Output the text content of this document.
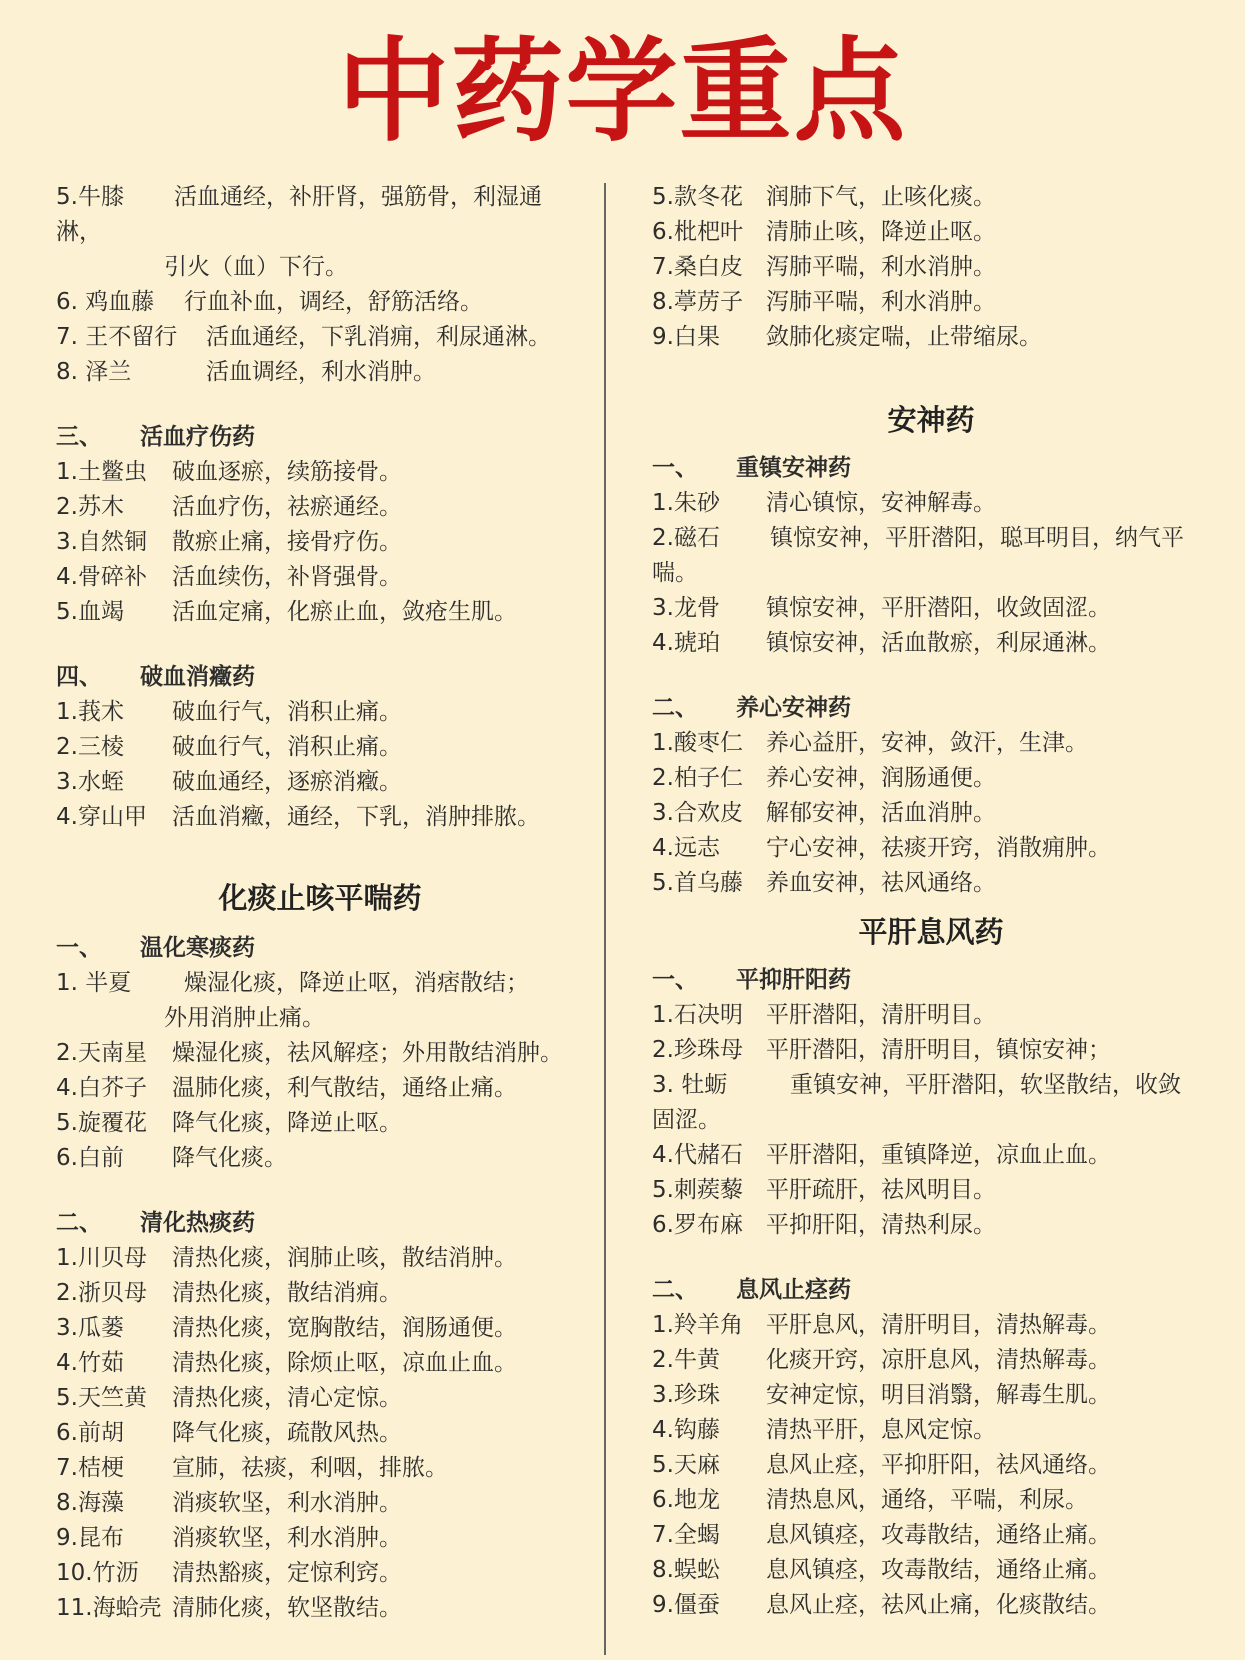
中药学重点
5.牛膝 活血通经，补肝肾，强筋骨，利湿通
淋，
引火（血）下行。
6. 鸡血藤 行血补血，调经，舒筋活络。
7. 王不留行 活血通经，下乳消痈，利尿通淋。
8. 泽兰	活血调经，利水消肿。
三、 活血疗伤药
1.土鳖虫 破血逐瘀，续筋接骨。
2.苏木 活血疗伤，祛瘀通经。
3.自然铜 散瘀止痛，接骨疗伤。
4.骨碎补 活血续伤，补肾强骨。
5.血竭 活血定痛，化瘀止血，敛疮生肌。
四、 破血消癥药
1.莪术 破血行气，消积止痛。
2.三棱 破血行气，消积止痛。
3.水蛭 破血通经，逐瘀消癥。
4.穿山甲 活血消癥，通经，下乳，消肿排脓。
化痰止咳平喘药
一、 温化寒痰药
1. 半夏 燥湿化痰，降逆止呕，消痞散结；
外用消肿止痛。
2.天南星 燥湿化痰，祛风解痉；外用散结消肿。
4.白芥子 温肺化痰，利气散结，通络止痛。
5.旋覆花 降气化痰，降逆止呕。
6.白前 降气化痰。
二、 清化热痰药
1.川贝母 清热化痰，润肺止咳，散结消肿。
2.浙贝母 清热化痰，散结消痈。
3.瓜蒌 清热化痰，宽胸散结，润肠通便。
4.竹茹 清热化痰，除烦止呕，凉血止血。
5.天竺黄 清热化痰，清心定惊。
6.前胡 降气化痰，疏散风热。
7.桔梗 宣肺，祛痰，利咽，排脓。
8.海藻 消痰软坚，利水消肿。
9.昆布 消痰软坚，利水消肿。
10.竹沥 清热豁痰，定惊利窍。
11.海蛤壳 清肺化痰，软坚散结。
5.款冬花 润肺下气，止咳化痰。
6.枇杷叶 清肺止咳，降逆止呕。
7.桑白皮 泻肺平喘，利水消肿。
8.葶苈子 泻肺平喘，利水消肿。
9.白果 敛肺化痰定喘，止带缩尿。
安神药
一、 重镇安神药
1.朱砂 清心镇惊，安神解毒。
2.磁石 镇惊安神，平肝潜阳，聪耳明目，纳气平
喘。
3.龙骨 镇惊安神，平肝潜阳，收敛固涩。
4.琥珀 镇惊安神，活血散瘀，利尿通淋。
二、 养心安神药
1.酸枣仁 养心益肝，安神，敛汗，生津。
2.柏子仁 养心安神，润肠通便。
3.合欢皮 解郁安神，活血消肿。
4.远志 宁心安神，祛痰开窍，消散痈肿。
5.首乌藤 养血安神，祛风通络。
平肝息风药
一、 平抑肝阳药
1.石决明 平肝潜阳，清肝明目。
2.珍珠母 平肝潜阳，清肝明目，镇惊安神；
3. 牡蛎	重镇安神，平肝潜阳，软坚散结，收敛
固涩。
4.代赭石 平肝潜阳，重镇降逆，凉血止血。
5.刺蒺藜 平肝疏肝，祛风明目。
6.罗布麻 平抑肝阳，清热利尿。
二、 息风止痉药
1.羚羊角 平肝息风，清肝明目，清热解毒。
2.牛黄 化痰开窍，凉肝息风，清热解毒。
3.珍珠 安神定惊，明目消翳，解毒生肌。
4.钩藤 清热平肝，息风定惊。
5.天麻 息风止痉，平抑肝阳，祛风通络。
6.地龙 清热息风，通络，平喘，利尿。
7.全蝎 息风镇痉，攻毒散结，通络止痛。
8.蜈蚣 息风镇痉，攻毒散结，通络止痛。
9.僵蚕 息风止痉，祛风止痛，化痰散结。
